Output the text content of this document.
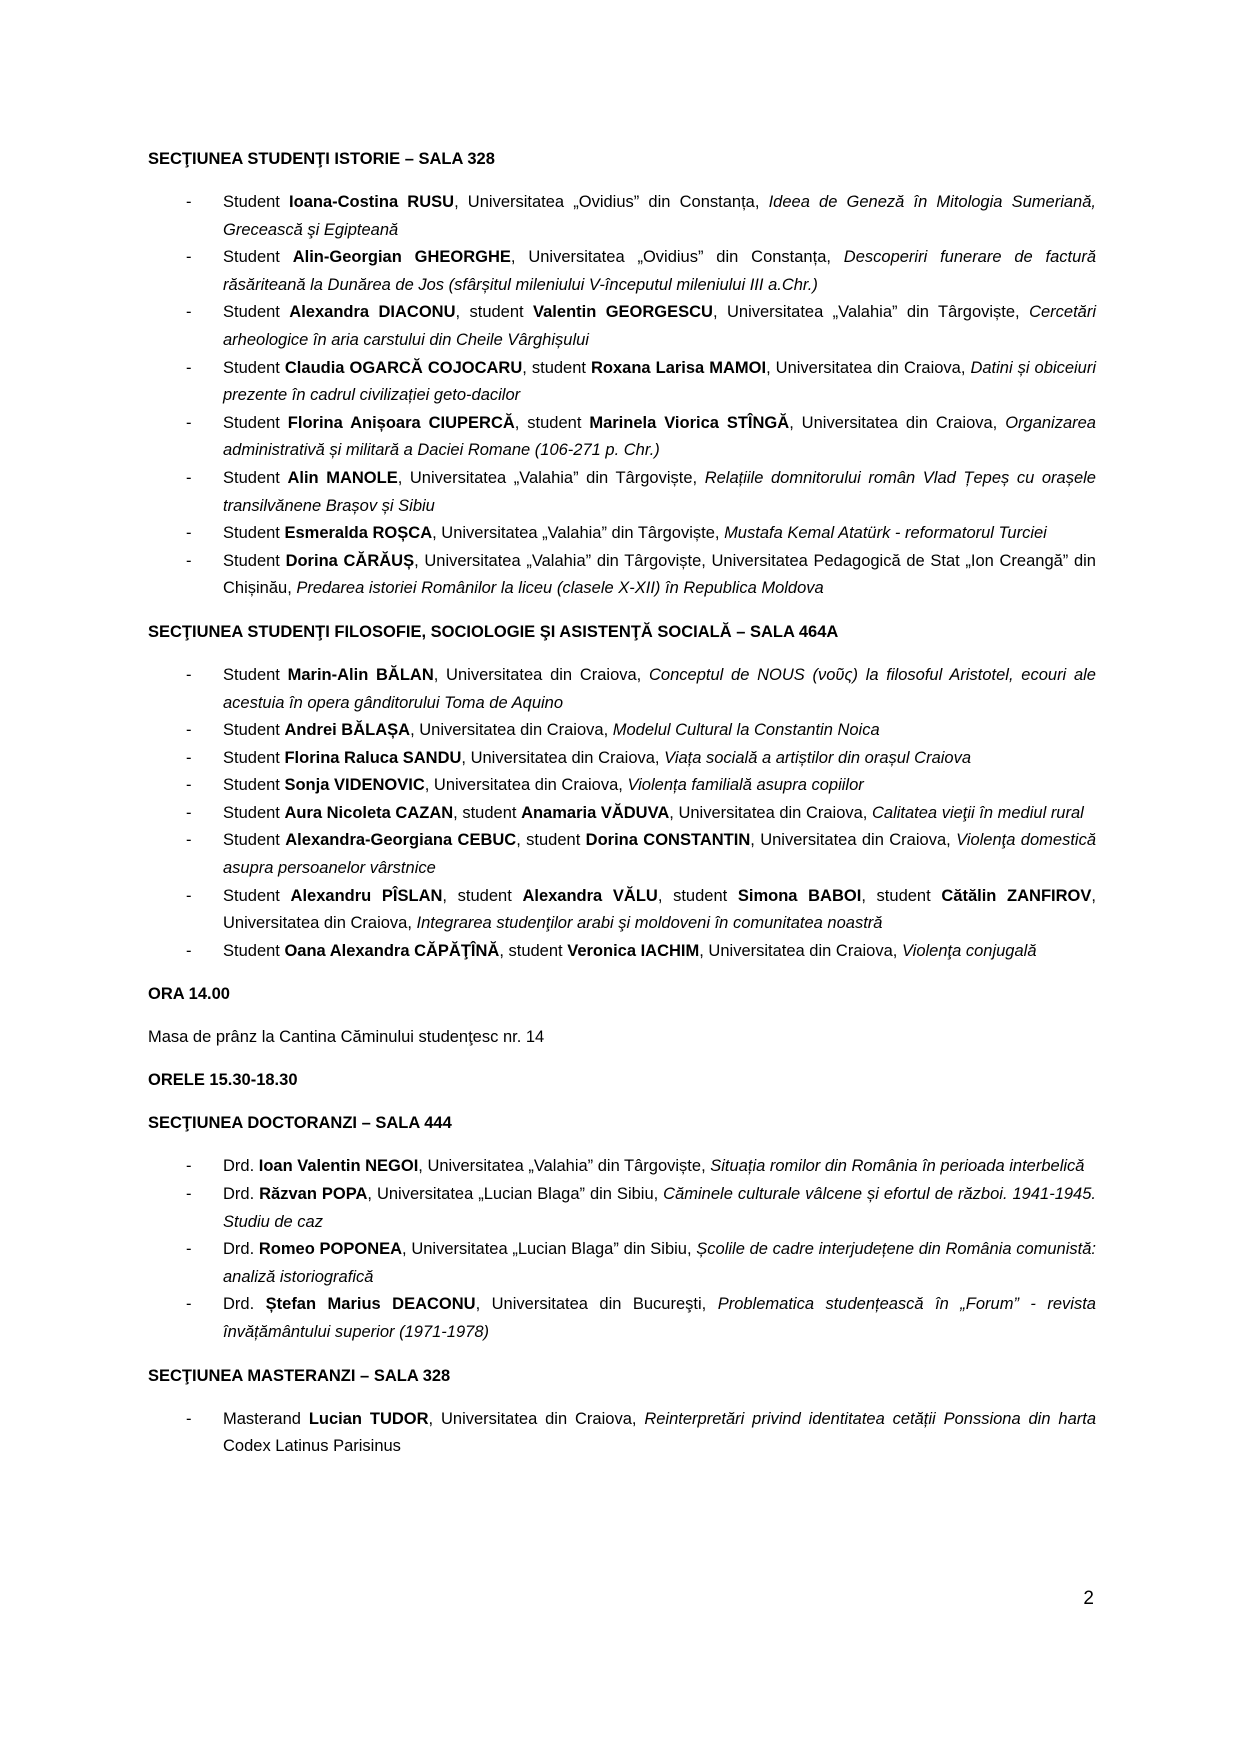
SECŢIUNEA STUDENŢI ISTORIE – SALA 328

- Student Ioana-Costina RUSU, Universitatea „Ovidius” din Constanța, Ideea de Geneză în Mitologia Sumeriană, Grecească şi Egipteană
- Student Alin-Georgian GHEORGHE, Universitatea „Ovidius” din Constanța, Descoperiri funerare de factură răsăriteană la Dunărea de Jos (sfârșitul mileniului V-începutul mileniului III a.Chr.)
- Student Alexandra DIACONU, student Valentin GEORGESCU, Universitatea „Valahia” din Târgoviște, Cercetări arheologice în aria carstului din Cheile Vârghișului
- Student Claudia OGARCĂ COJOCARU, student Roxana Larisa MAMOI, Universitatea din Craiova, Datini și obiceiuri prezente în cadrul civilizației geto-dacilor
- Student Florina Anișoara CIUPERCĂ, student Marinela Viorica STÎNGĂ, Universitatea din Craiova, Organizarea administrativă și militară a Daciei Romane (106-271 p. Chr.)
- Student Alin MANOLE, Universitatea „Valahia” din Târgoviște, Relațiile domnitorului român Vlad Țepeș cu orașele transilvănene Brașov și Sibiu
- Student Esmeralda ROȘCA, Universitatea „Valahia” din Târgoviște, Mustafa Kemal Atatürk - reformatorul Turciei
- Student Dorina CĂRĂUȘ, Universitatea „Valahia” din Târgoviște, Universitatea Pedagogică de Stat „Ion Creangă” din Chișinău, Predarea istoriei Românilor la liceu (clasele X-XII) în Republica Moldova

SECŢIUNEA STUDENŢI FILOSOFIE, SOCIOLOGIE ŞI ASISTENŢĂ SOCIALĂ – SALA 464A

- Student Marin-Alin BĂLAN, Universitatea din Craiova, Conceptul de NOUS (νοῦς) la filosoful Aristotel, ecouri ale acestuia în opera gânditorului Toma de Aquino
- Student Andrei BĂLAȘA, Universitatea din Craiova, Modelul Cultural la Constantin Noica
- Student Florina Raluca SANDU, Universitatea din Craiova, Viața socială a artiștilor din orașul Craiova
- Student Sonja VIDENOVIC, Universitatea din Craiova, Violența familială asupra copiilor
- Student Aura Nicoleta CAZAN, student Anamaria VĂDUVA, Universitatea din Craiova, Calitatea vieţii în mediul rural
- Student Alexandra-Georgiana CEBUC, student Dorina CONSTANTIN, Universitatea din Craiova, Violenţa domestică asupra persoanelor vârstnice
- Student Alexandru PÎSLAN, student Alexandra VĂLU, student Simona BABOI, student Cătălin ZANFIROV, Universitatea din Craiova, Integrarea studenţilor arabi şi moldoveni în comunitatea noastră
- Student Oana Alexandra CĂPĂŢÎNĂ, student Veronica IACHIM, Universitatea din Craiova, Violenţa conjugală

ORA 14.00

Masa de prânz la Cantina Căminului studenţesc nr. 14

ORELE 15.30-18.30

SECŢIUNEA DOCTORANZI – SALA 444

- Drd. Ioan Valentin NEGOI, Universitatea „Valahia” din Târgoviște, Situația romilor din România în perioada interbelică
- Drd. Răzvan POPA, Universitatea „Lucian Blaga” din Sibiu, Căminele culturale vâlcene și efortul de război. 1941-1945. Studiu de caz
- Drd. Romeo POPONEA, Universitatea „Lucian Blaga” din Sibiu, Școlile de cadre interjudețene din România comunistă: analiză istoriografică
- Drd. Ștefan Marius DEACONU, Universitatea din Bucureşti, Problematica studențească în „Forum” - revista învățământului superior (1971-1978)

SECŢIUNEA MASTERANZI – SALA 328

- Masterand Lucian TUDOR, Universitatea din Craiova, Reinterpretări privind identitatea cetății Ponssiona din harta Codex Latinus Parisinus
2
